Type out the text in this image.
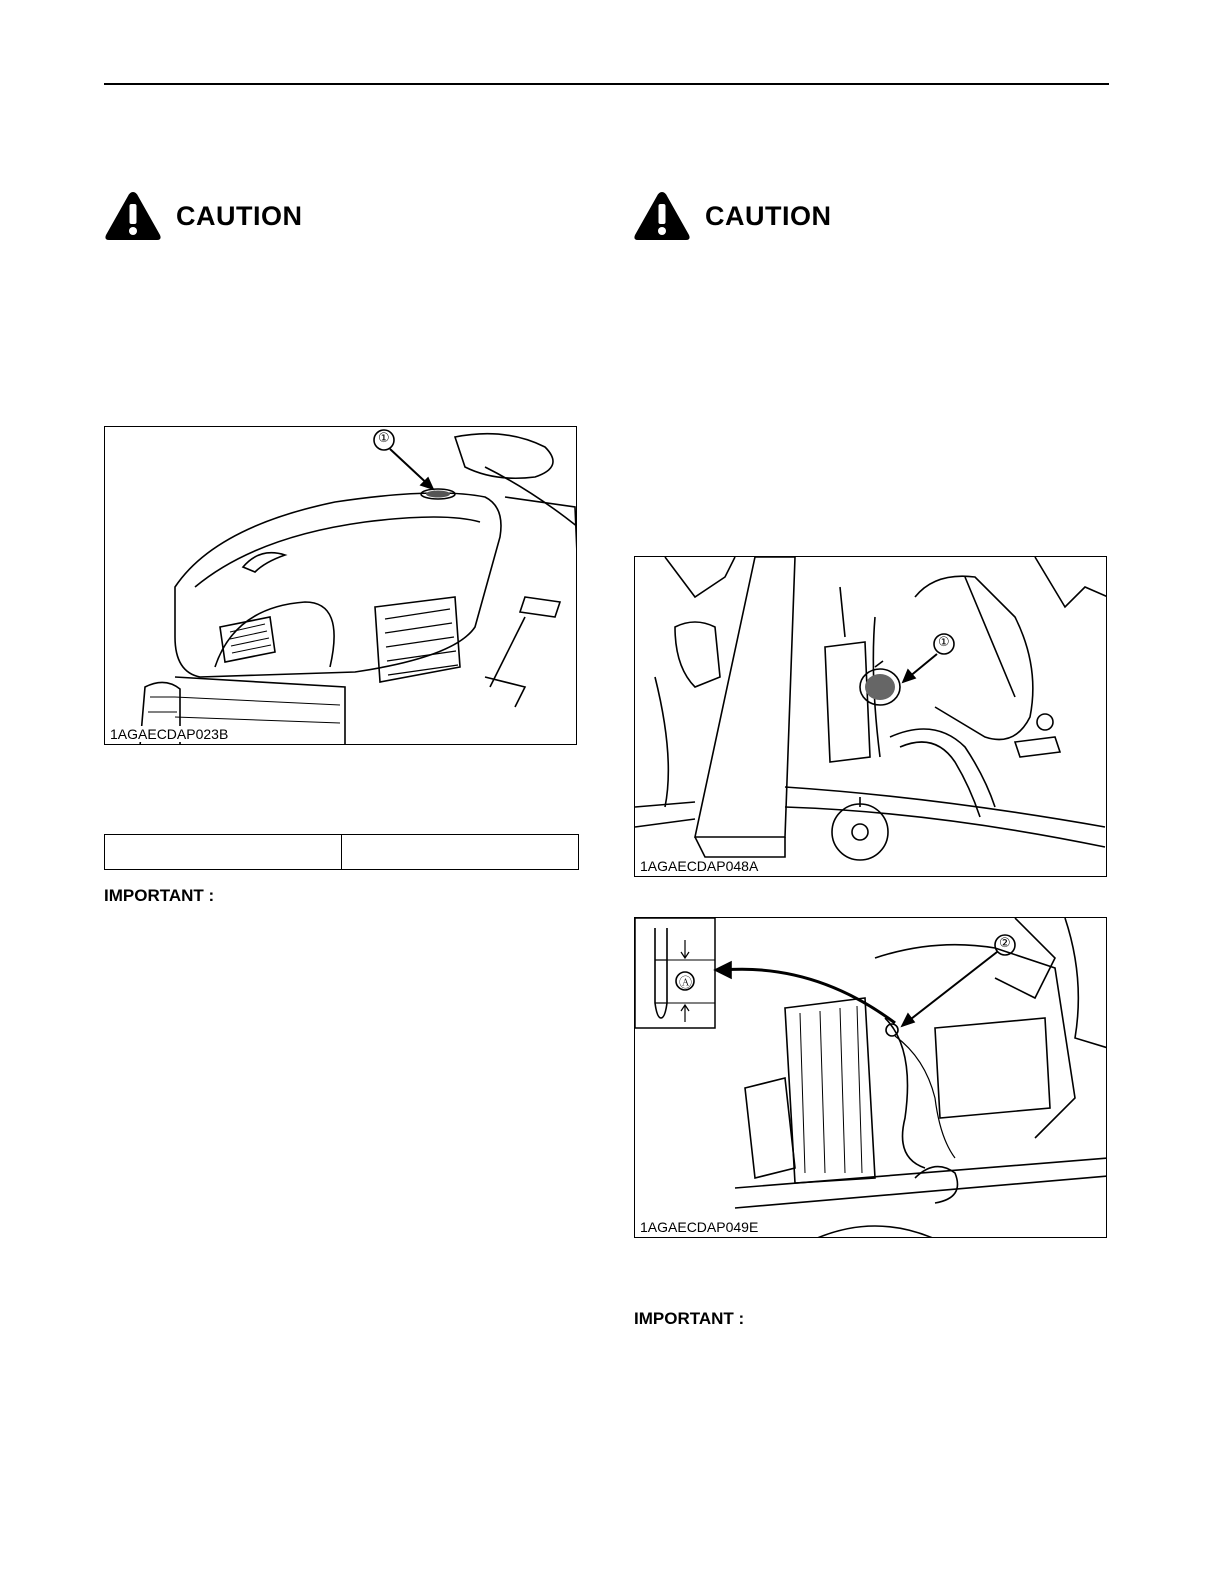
CAUTION	CAUTION
①
1AGAECDAP023B
IMPORTANT :
①
1AGAECDAP048A
Ⓐ
②
1AGAECDAP049E
IMPORTANT :
